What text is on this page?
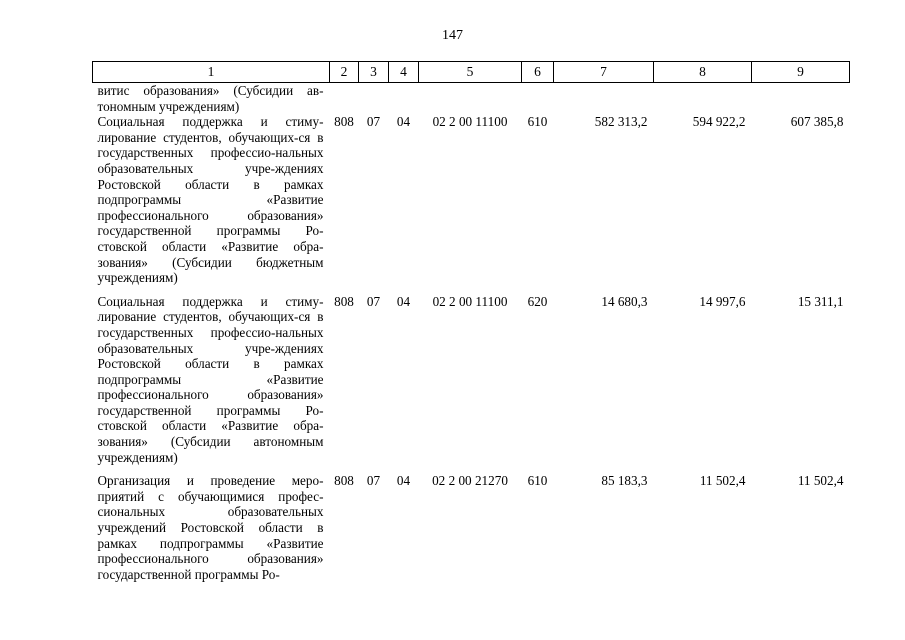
147
1	2	3	4	5	6	7	8	9
витис образования» (Субсидии ав-тономным учреждениям)								
Социальная поддержка и стиму-лирование студентов, обучающих-ся в государственных профессио-нальных образовательных учре-ждениях Ростовской области в рамках подпрограммы «Развитие профессионального образования» государственной программы Ро-стовской области «Развитие обра-зования» (Субсидии бюджетным учреждениям)	808	07	04	02 2 00 11100	610	582 313,2	594 922,2	607 385,8
Социальная поддержка и стиму-лирование студентов, обучающих-ся в государственных профессио-нальных образовательных учре-ждениях Ростовской области в рамках подпрограммы «Развитие профессионального образования» государственной программы Ро-стовской области «Развитие обра-зования» (Субсидии автономным учреждениям)	808	07	04	02 2 00 11100	620	14 680,3	14 997,6	15 311,1
Организация и проведение меро-приятий с обучающимися профес-сиональных образовательных учреждений Ростовской области в рамках подпрограммы «Развитие профессионального образования» государственной программы Ро-	808	07	04	02 2 00 21270	610	85 183,3	11 502,4	11 502,4
